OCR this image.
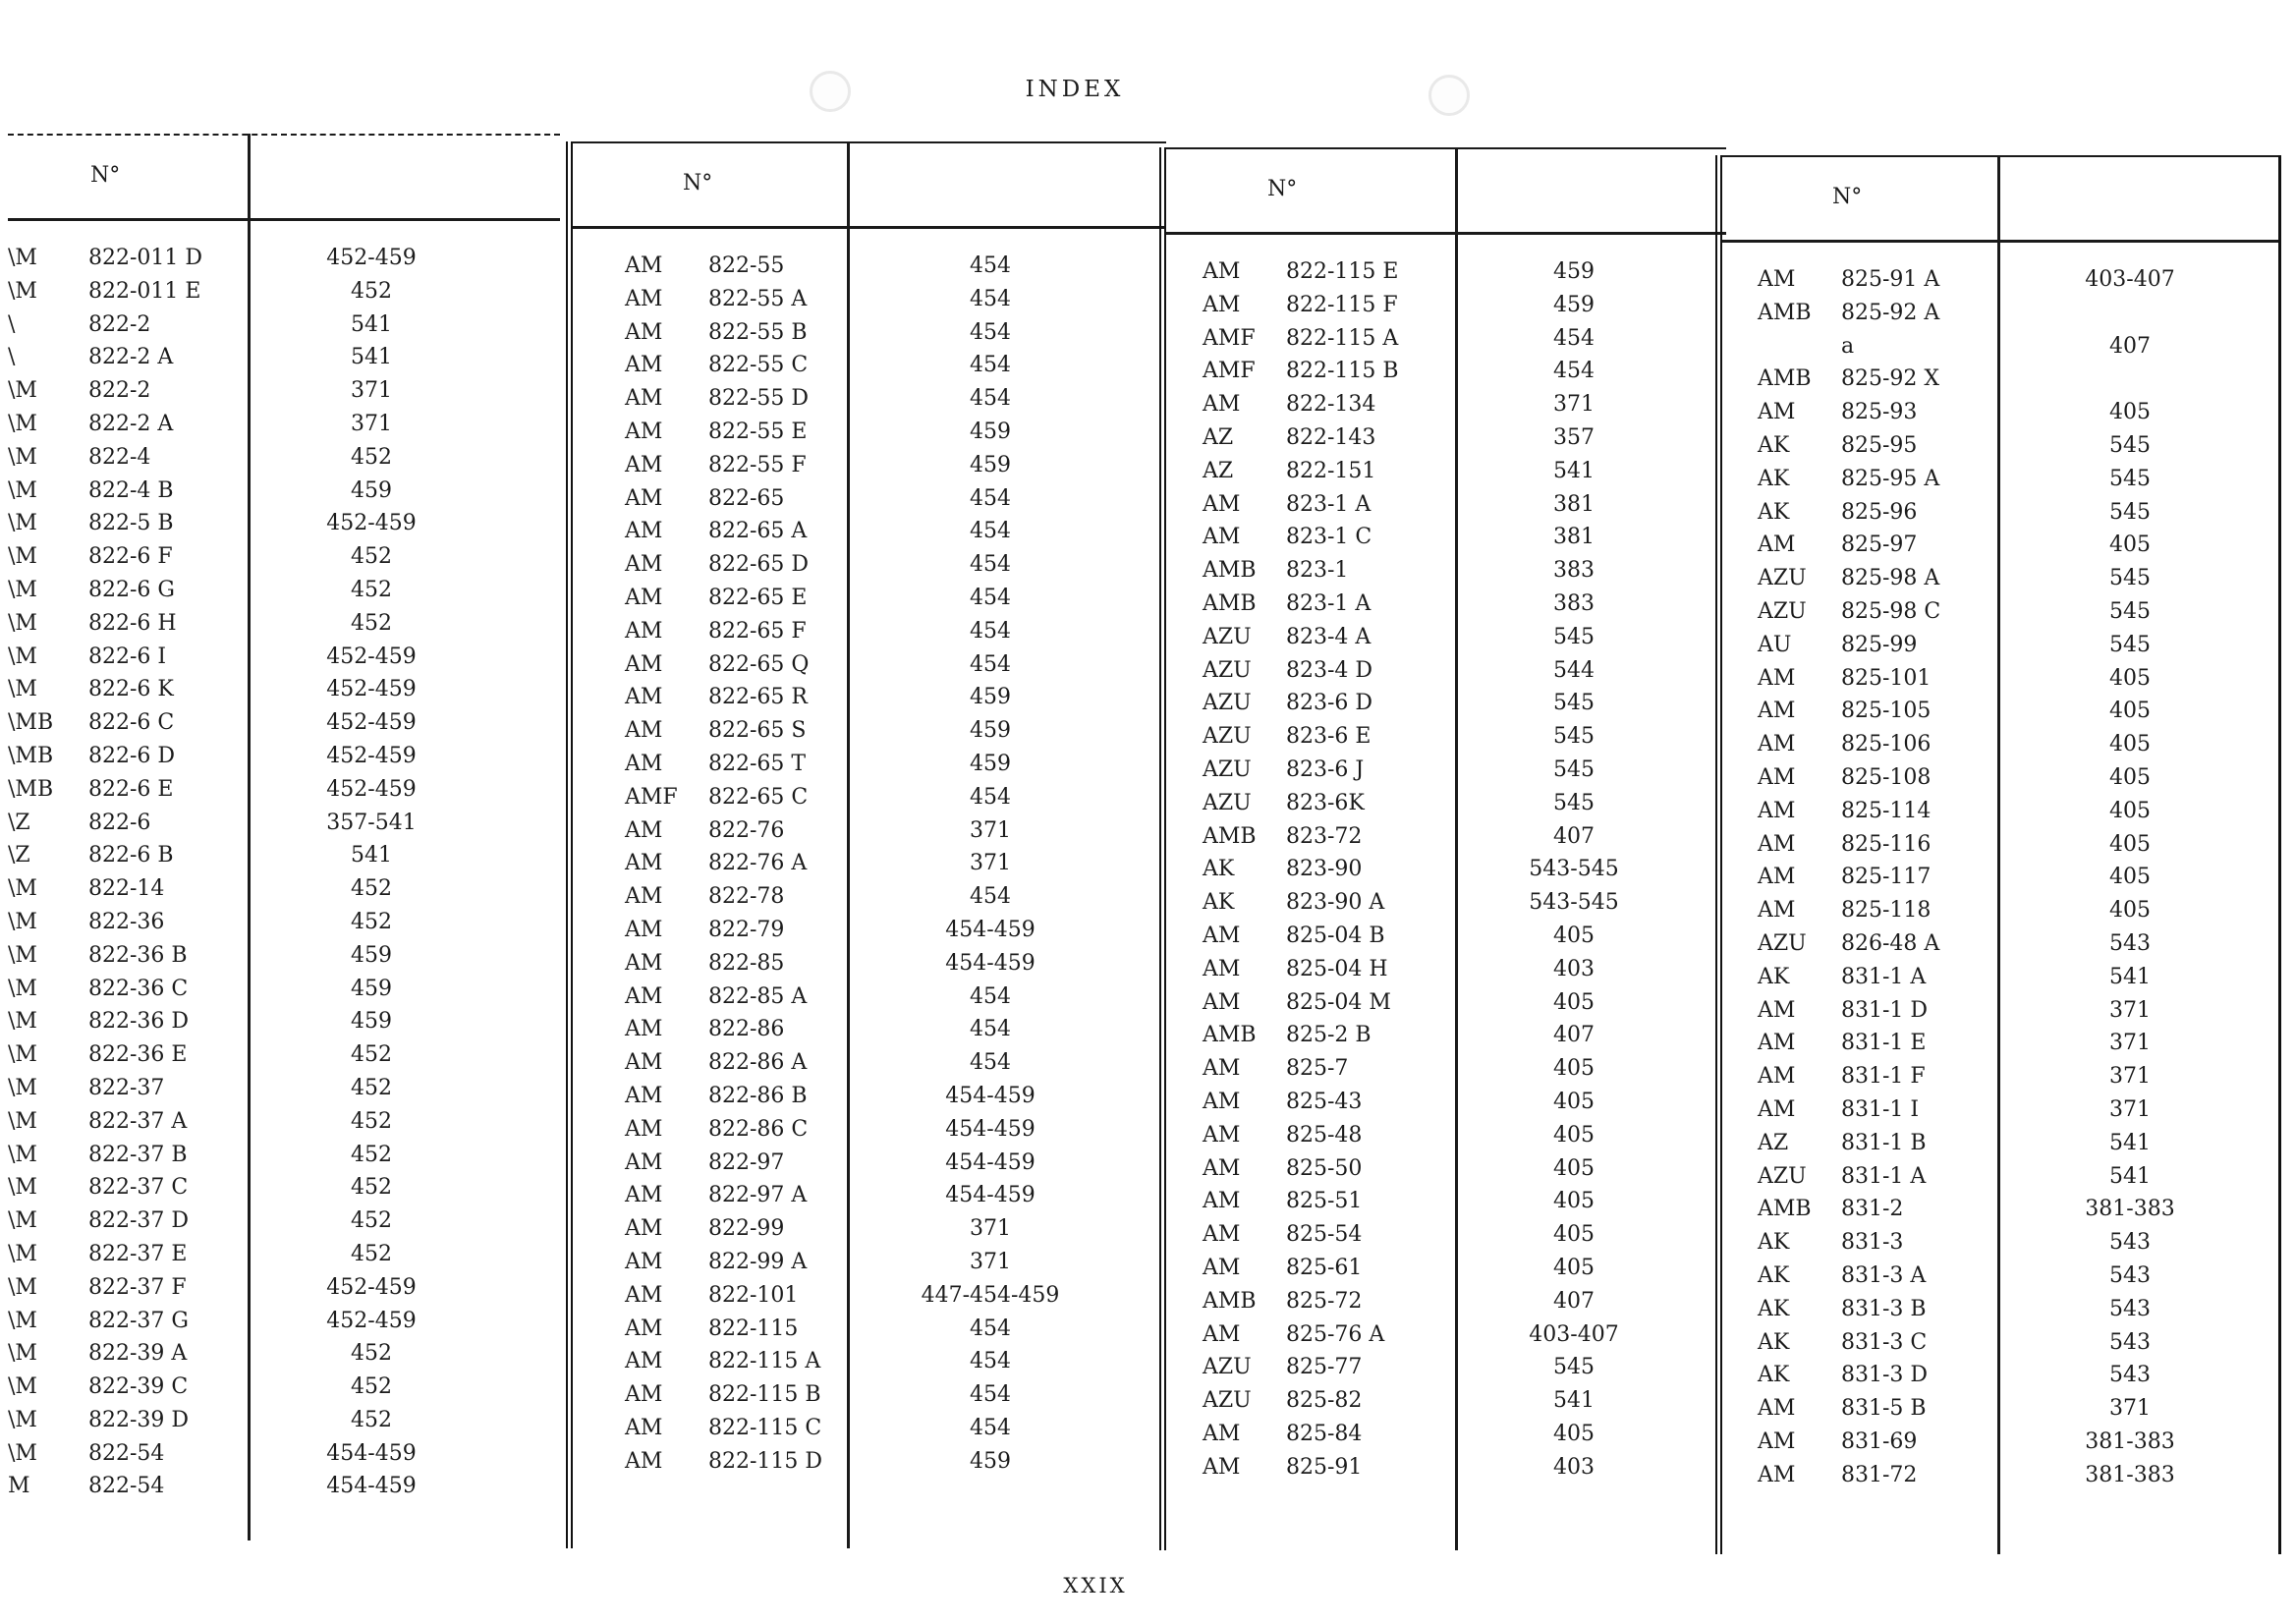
INDEX
N°
\M 822-011 D	452-459
\M 822-011 E	452
\	822-2	541
\	822-2 A	541
\M 822-2	371
\M 822-2 A	371
\M 822-4	452
\M 822-4 B	459
\M 822-5 B	452-459
\M 822-6 F	452
\M 822-6 G	452
\M 822-6 H	452
\M 822-6 I	452-459
\M 822-6 K	452-459
\MB 822-6 C	452-459
\MB 822-6 D	452-459
\MB 822-6 E	452-459
\Z	822-6	357-541
\Z	822-6 B	541
\M 822-14	452
\M 822-36	452
\M 822-36 B	459
\M 822-36 C	459
\M 822-36 D	459
\M 822-36 E	452
\M 822-37	452
\M 822-37 A	452
\M 822-37 B	452
\M 822-37 C	452
\M 822-37 D	452
\M 822-37 E	452
\M 822-37 F	452-459
\M 822-37 G	452-459
\M 822-39 A	452
\M 822-39 C	452
\M 822-39 D	452
\M 822-54	454-459
M	822-54	454-459
N°
AM 822-55	454
AM 822-55 A	454
AM 822-55 B	454
AM 822-55 C	454
AM 822-55 D	454
AM 822-55 E	459
AM 822-55 F	459
AM 822-65	454
AM 822-65 A	454
AM 822-65 D	454
AM 822-65 E	454
AM 822-65 F	454
AM 822-65 Q	454
AM 822-65 R	459
AM 822-65 S	459
AM 822-65 T	459
AMF 822-65 C	454
AM 822-76	371
AM 822-76 A	371
AM 822-78	454
AM 822-79	454-459
AM 822-85	454-459
AM 822-85 A	454
AM 822-86	454
AM 822-86 A	454
AM 822-86 B	454-459
AM 822-86 C	454-459
AM 822-97	454-459
AM 822-97 A	454-459
AM 822-99	371
AM 822-99 A	371
AM 822-101	447-454-459
AM 822-115	454
AM 822-115 A	454
AM 822-115 B	454
AM 822-115 C	454
AM 822-115 D	459
N°
AM 822-115 E	459
AM 822-115 F	459
AMF 822-115 A	454
AMF 822-115 B	454
AM 822-134	371
AZ 822-143	357
AZ 822-151	541
AM 823-1 A	381
AM 823-1 C	381
AMB 823-1	383
AMB 823-1 A	383
AZU 823-4 A	545
AZU 823-4 D	544
AZU 823-6 D	545
AZU 823-6 E	545
AZU 823-6 J	545
AZU 823-6K	545
AMB 823-72	407
AK 823-90	543-545
AK 823-90 A	543-545
AM 825-04 B	405
AM 825-04 H	403
AM 825-04 M	405
AMB 825-2 B	407
AM 825-7	405
AM 825-43	405
AM 825-48	405
AM 825-50	405
AM 825-51	405
AM 825-54	405
AM 825-61	405
AMB 825-72	407
AM 825-76 A	403-407
AZU 825-77	545
AZU 825-82	541
AM 825-84	405
AM 825-91	403
N°
AM 825-91 A	403-407
AMB 825-92 A
a	407
AMB 825-92 X
AM 825-93	405
AK 825-95	545
AK 825-95 A	545
AK 825-96	545
AM 825-97	405
AZU 825-98 A	545
AZU 825-98 C	545
AU 825-99	545
AM 825-101	405
AM 825-105	405
AM 825-106	405
AM 825-108	405
AM 825-114	405
AM 825-116	405
AM 825-117	405
AM 825-118	405
AZU 826-48 A	543
AK 831-1 A	541
AM 831-1 D	371
AM 831-1 E	371
AM 831-1 F	371
AM 831-1 I	371
AZ 831-1 B	541
AZU 831-1 A	541
AMB 831-2	381-383
AK 831-3	543
AK 831-3 A	543
AK 831-3 B	543
AK 831-3 C	543
AK 831-3 D	543
AM 831-5 B	371
AM 831-69	381-383
AM 831-72	381-383
XXIX
